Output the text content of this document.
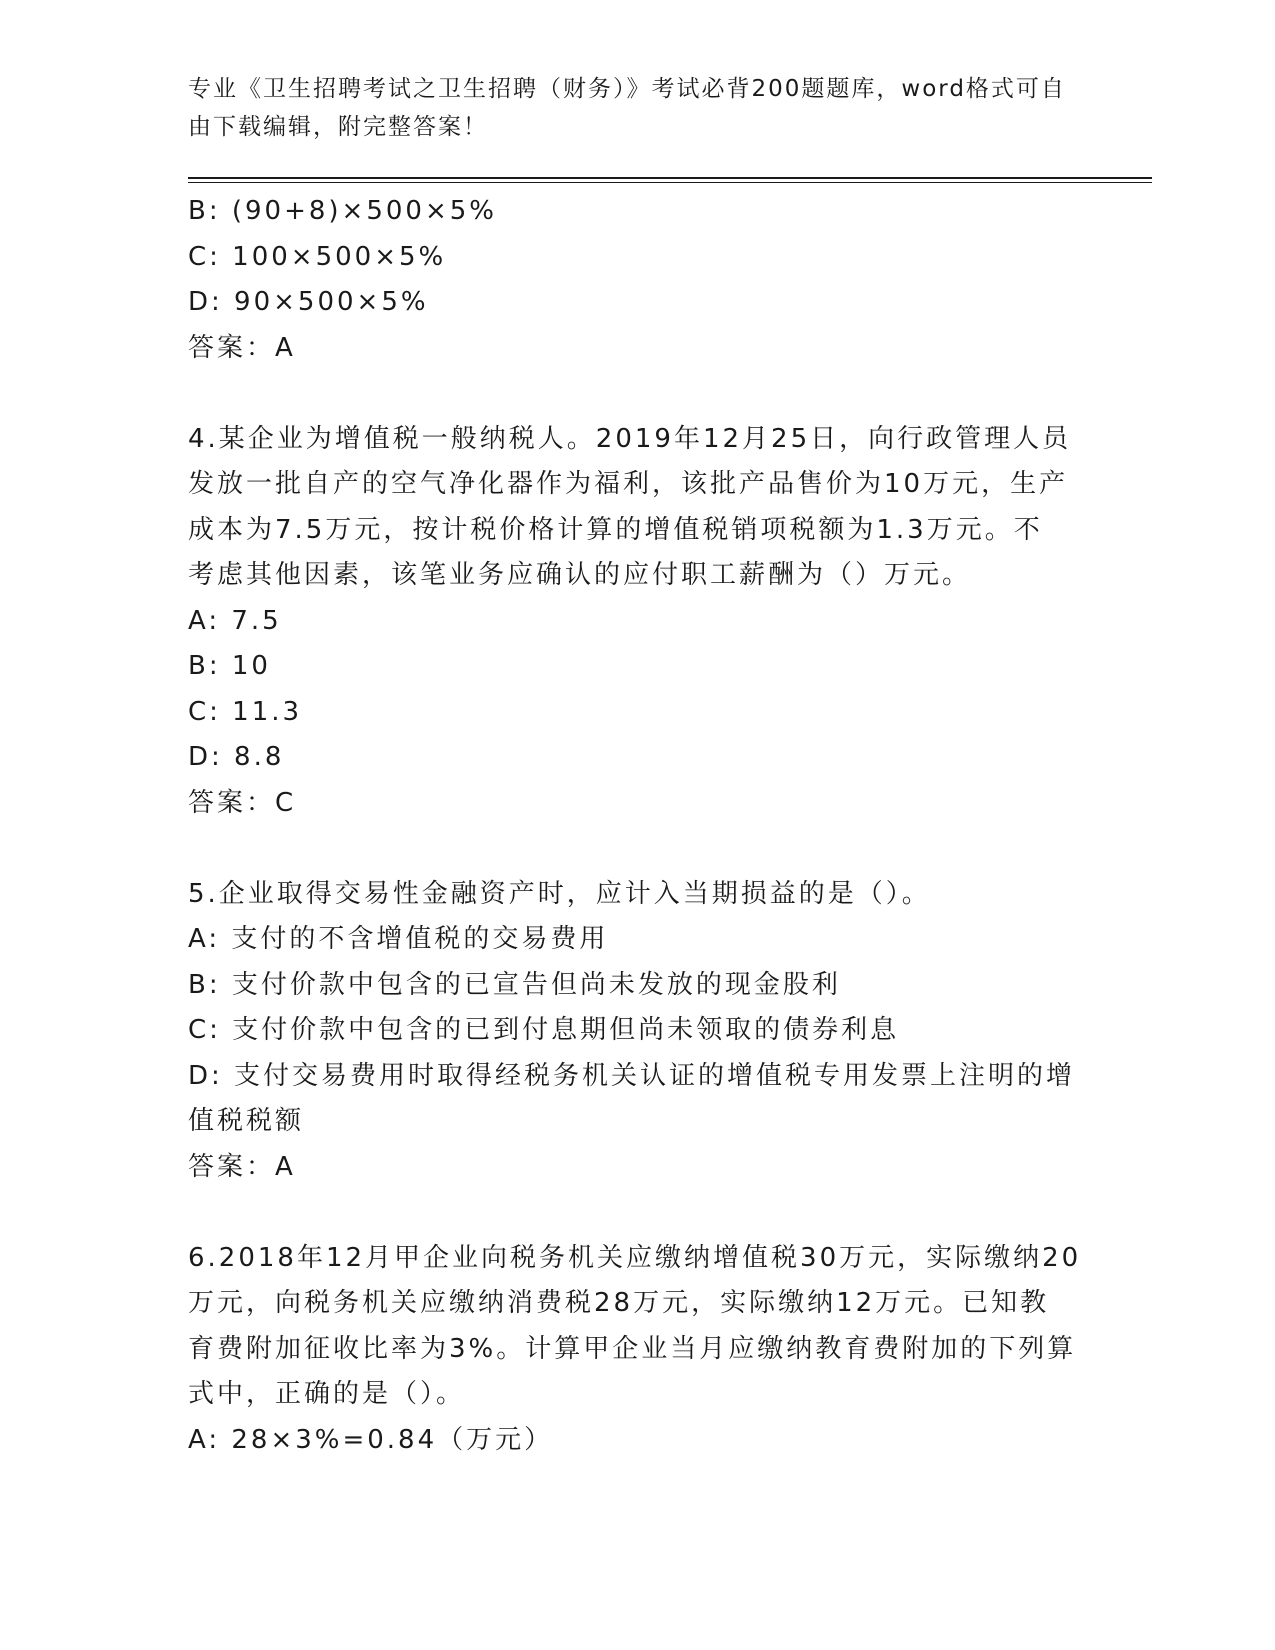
专业《卫生招聘考试之卫生招聘（财务）》考试必背200题题库，word格式可自
由下载编辑，附完整答案！
B: (90+8)×500×5%
C: 100×500×5%
D: 90×500×5%
答案：A
4.某企业为增值税一般纳税人。2019年12月25日，向行政管理人员
发放一批自产的空气净化器作为福利，该批产品售价为10万元，生产
成本为7.5万元，按计税价格计算的增值税销项税额为1.3万元。不
考虑其他因素，该笔业务应确认的应付职工薪酬为（）万元。
A: 7.5
B: 10
C: 11.3
D: 8.8
答案：C
5.企业取得交易性金融资产时，应计入当期损益的是（）。
A: 支付的不含增值税的交易费用
B: 支付价款中包含的已宣告但尚未发放的现金股利
C: 支付价款中包含的已到付息期但尚未领取的债券利息
D: 支付交易费用时取得经税务机关认证的增值税专用发票上注明的增
值税税额
答案：A
6.2018年12月甲企业向税务机关应缴纳增值税30万元，实际缴纳20
万元，向税务机关应缴纳消费税28万元，实际缴纳12万元。已知教
育费附加征收比率为3%。计算甲企业当月应缴纳教育费附加的下列算
式中，正确的是（）。
A: 28×3%=0.84（万元）
